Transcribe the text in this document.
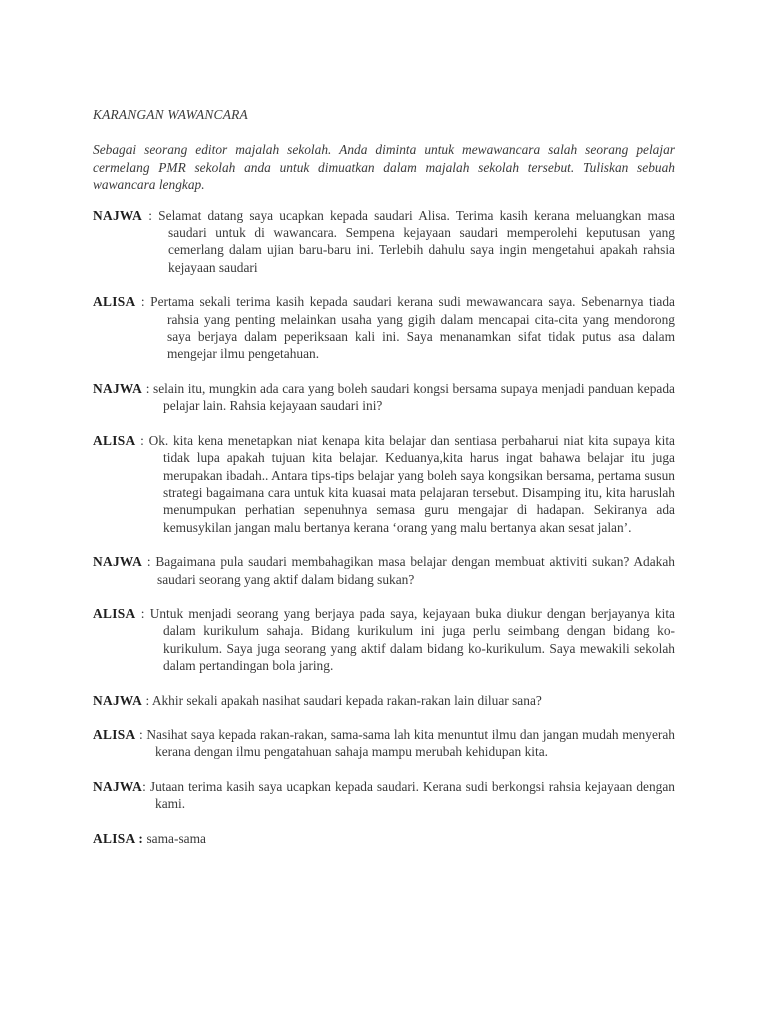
KARANGAN WAWANCARA

Sebagai seorang editor majalah sekolah. Anda diminta untuk mewawancara salah seorang pelajar cermelang PMR sekolah anda untuk dimuatkan dalam majalah sekolah tersebut. Tuliskan sebuah wawancara lengkap.

NAJWA : Selamat datang saya ucapkan kepada saudari Alisa. Terima kasih kerana meluangkan masa saudari untuk di wawancara. Sempena kejayaan saudari memperolehi keputusan yang cemerlang dalam ujian baru-baru ini. Terlebih dahulu saya ingin mengetahui apakah rahsia kejayaan saudari

ALISA : Pertama sekali terima kasih kepada saudari kerana sudi mewawancara saya. Sebenarnya tiada rahsia yang penting melainkan usaha yang gigih dalam mencapai cita-cita yang mendorong saya berjaya dalam peperiksaan kali ini. Saya menanamkan sifat tidak putus asa dalam mengejar ilmu pengetahuan.

NAJWA : selain itu, mungkin ada cara yang boleh saudari kongsi bersama supaya menjadi panduan kepada pelajar lain. Rahsia kejayaan saudari ini?

ALISA : Ok. kita kena menetapkan niat kenapa kita belajar dan sentiasa perbaharui niat kita supaya kita tidak lupa apakah tujuan kita belajar. Keduanya,kita harus ingat bahawa belajar itu juga merupakan ibadah.. Antara tips-tips belajar yang boleh saya kongsikan bersama, pertama susun strategi bagaimana cara untuk kita kuasai mata pelajaran tersebut. Disamping itu, kita haruslah menumpukan perhatian sepenuhnya semasa guru mengajar di hadapan. Sekiranya ada kemusykilan jangan malu bertanya kerana ‘orang yang malu bertanya akan sesat jalan’.

NAJWA : Bagaimana pula saudari membahagikan masa belajar dengan membuat aktiviti sukan? Adakah saudari seorang yang aktif dalam bidang sukan?

ALISA : Untuk menjadi seorang yang berjaya pada saya, kejayaan buka diukur dengan berjayanya kita dalam kurikulum sahaja. Bidang kurikulum ini juga perlu seimbang dengan bidang ko-kurikulum. Saya juga seorang yang aktif dalam bidang ko-kurikulum. Saya mewakili sekolah dalam pertandingan bola jaring.

NAJWA : Akhir sekali apakah nasihat saudari kepada rakan-rakan lain diluar sana?

ALISA : Nasihat saya kepada rakan-rakan, sama-sama lah kita menuntut ilmu dan jangan mudah menyerah kerana dengan ilmu pengatahuan sahaja mampu merubah kehidupan kita.

NAJWA: Jutaan terima kasih saya ucapkan kepada saudari. Kerana sudi berkongsi rahsia kejayaan dengan kami.

ALISA : sama-sama
